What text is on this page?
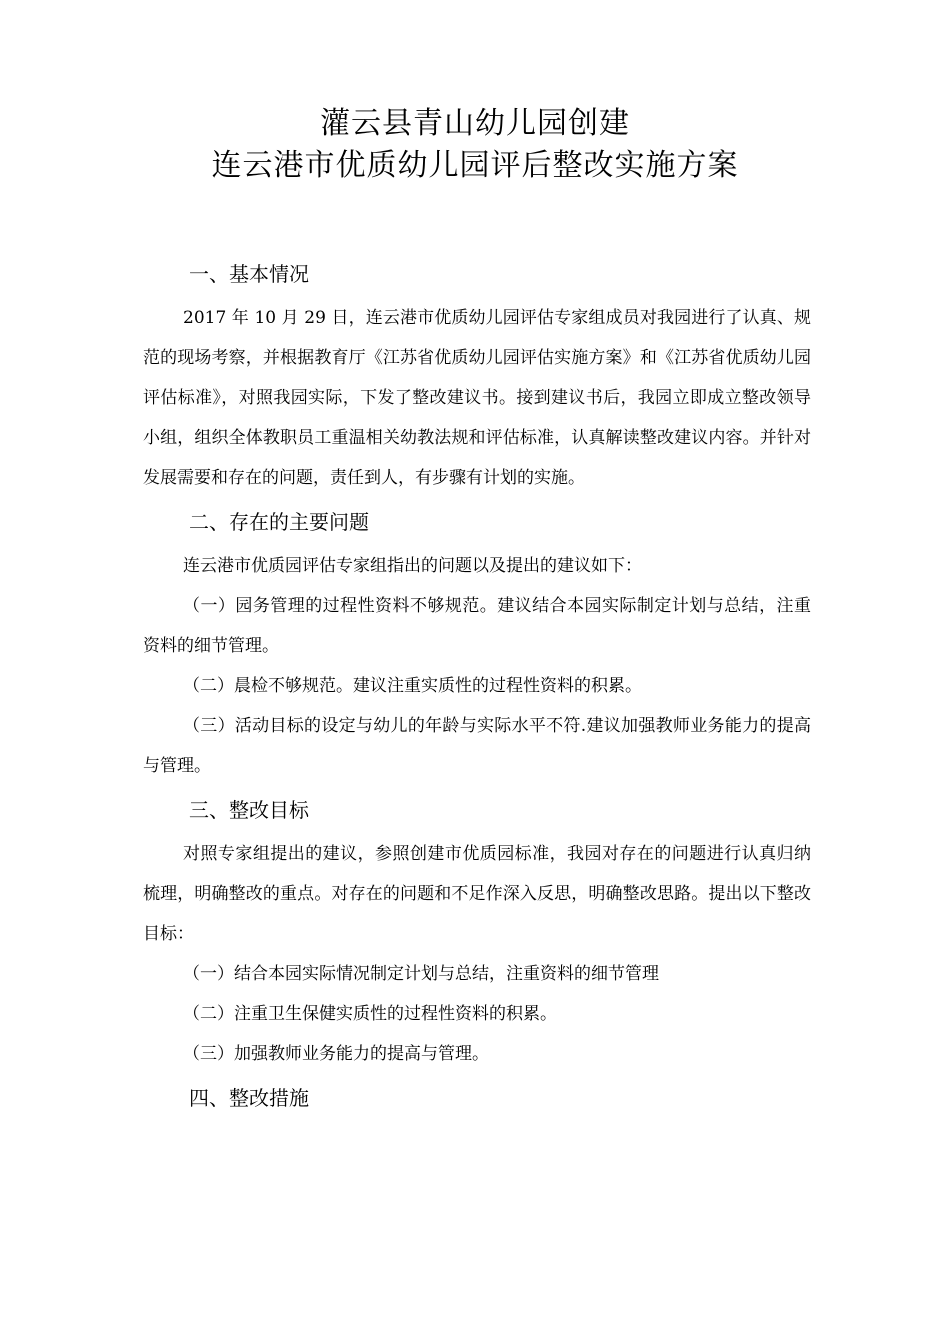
灌云县青山幼儿园创建
连云港市优质幼儿园评后整改实施方案

一、基本情况

2017 年 10 月 29 日，连云港市优质幼儿园评估专家组成员对我园进行了认真、规范的现场考察，并根据教育厅《江苏省优质幼儿园评估实施方案》和《江苏省优质幼儿园评估标准》，对照我园实际，下发了整改建议书。接到建议书后，我园立即成立整改领导小组，组织全体教职员工重温相关幼教法规和评估标准，认真解读整改建议内容。并针对发展需要和存在的问题，责任到人，有步骤有计划的实施。

二、存在的主要问题

连云港市优质园评估专家组指出的问题以及提出的建议如下：

（一）园务管理的过程性资料不够规范。建议结合本园实际制定计划与总结，注重资料的细节管理。

（二）晨检不够规范。建议注重实质性的过程性资料的积累。

（三）活动目标的设定与幼儿的年龄与实际水平不符.建议加强教师业务能力的提高与管理。

三、整改目标

对照专家组提出的建议，参照创建市优质园标准，我园对存在的问题进行认真归纳梳理，明确整改的重点。对存在的问题和不足作深入反思，明确整改思路。提出以下整改目标：

（一）结合本园实际情况制定计划与总结，注重资料的细节管理

（二）注重卫生保健实质性的过程性资料的积累。

（三）加强教师业务能力的提高与管理。

四、整改措施
